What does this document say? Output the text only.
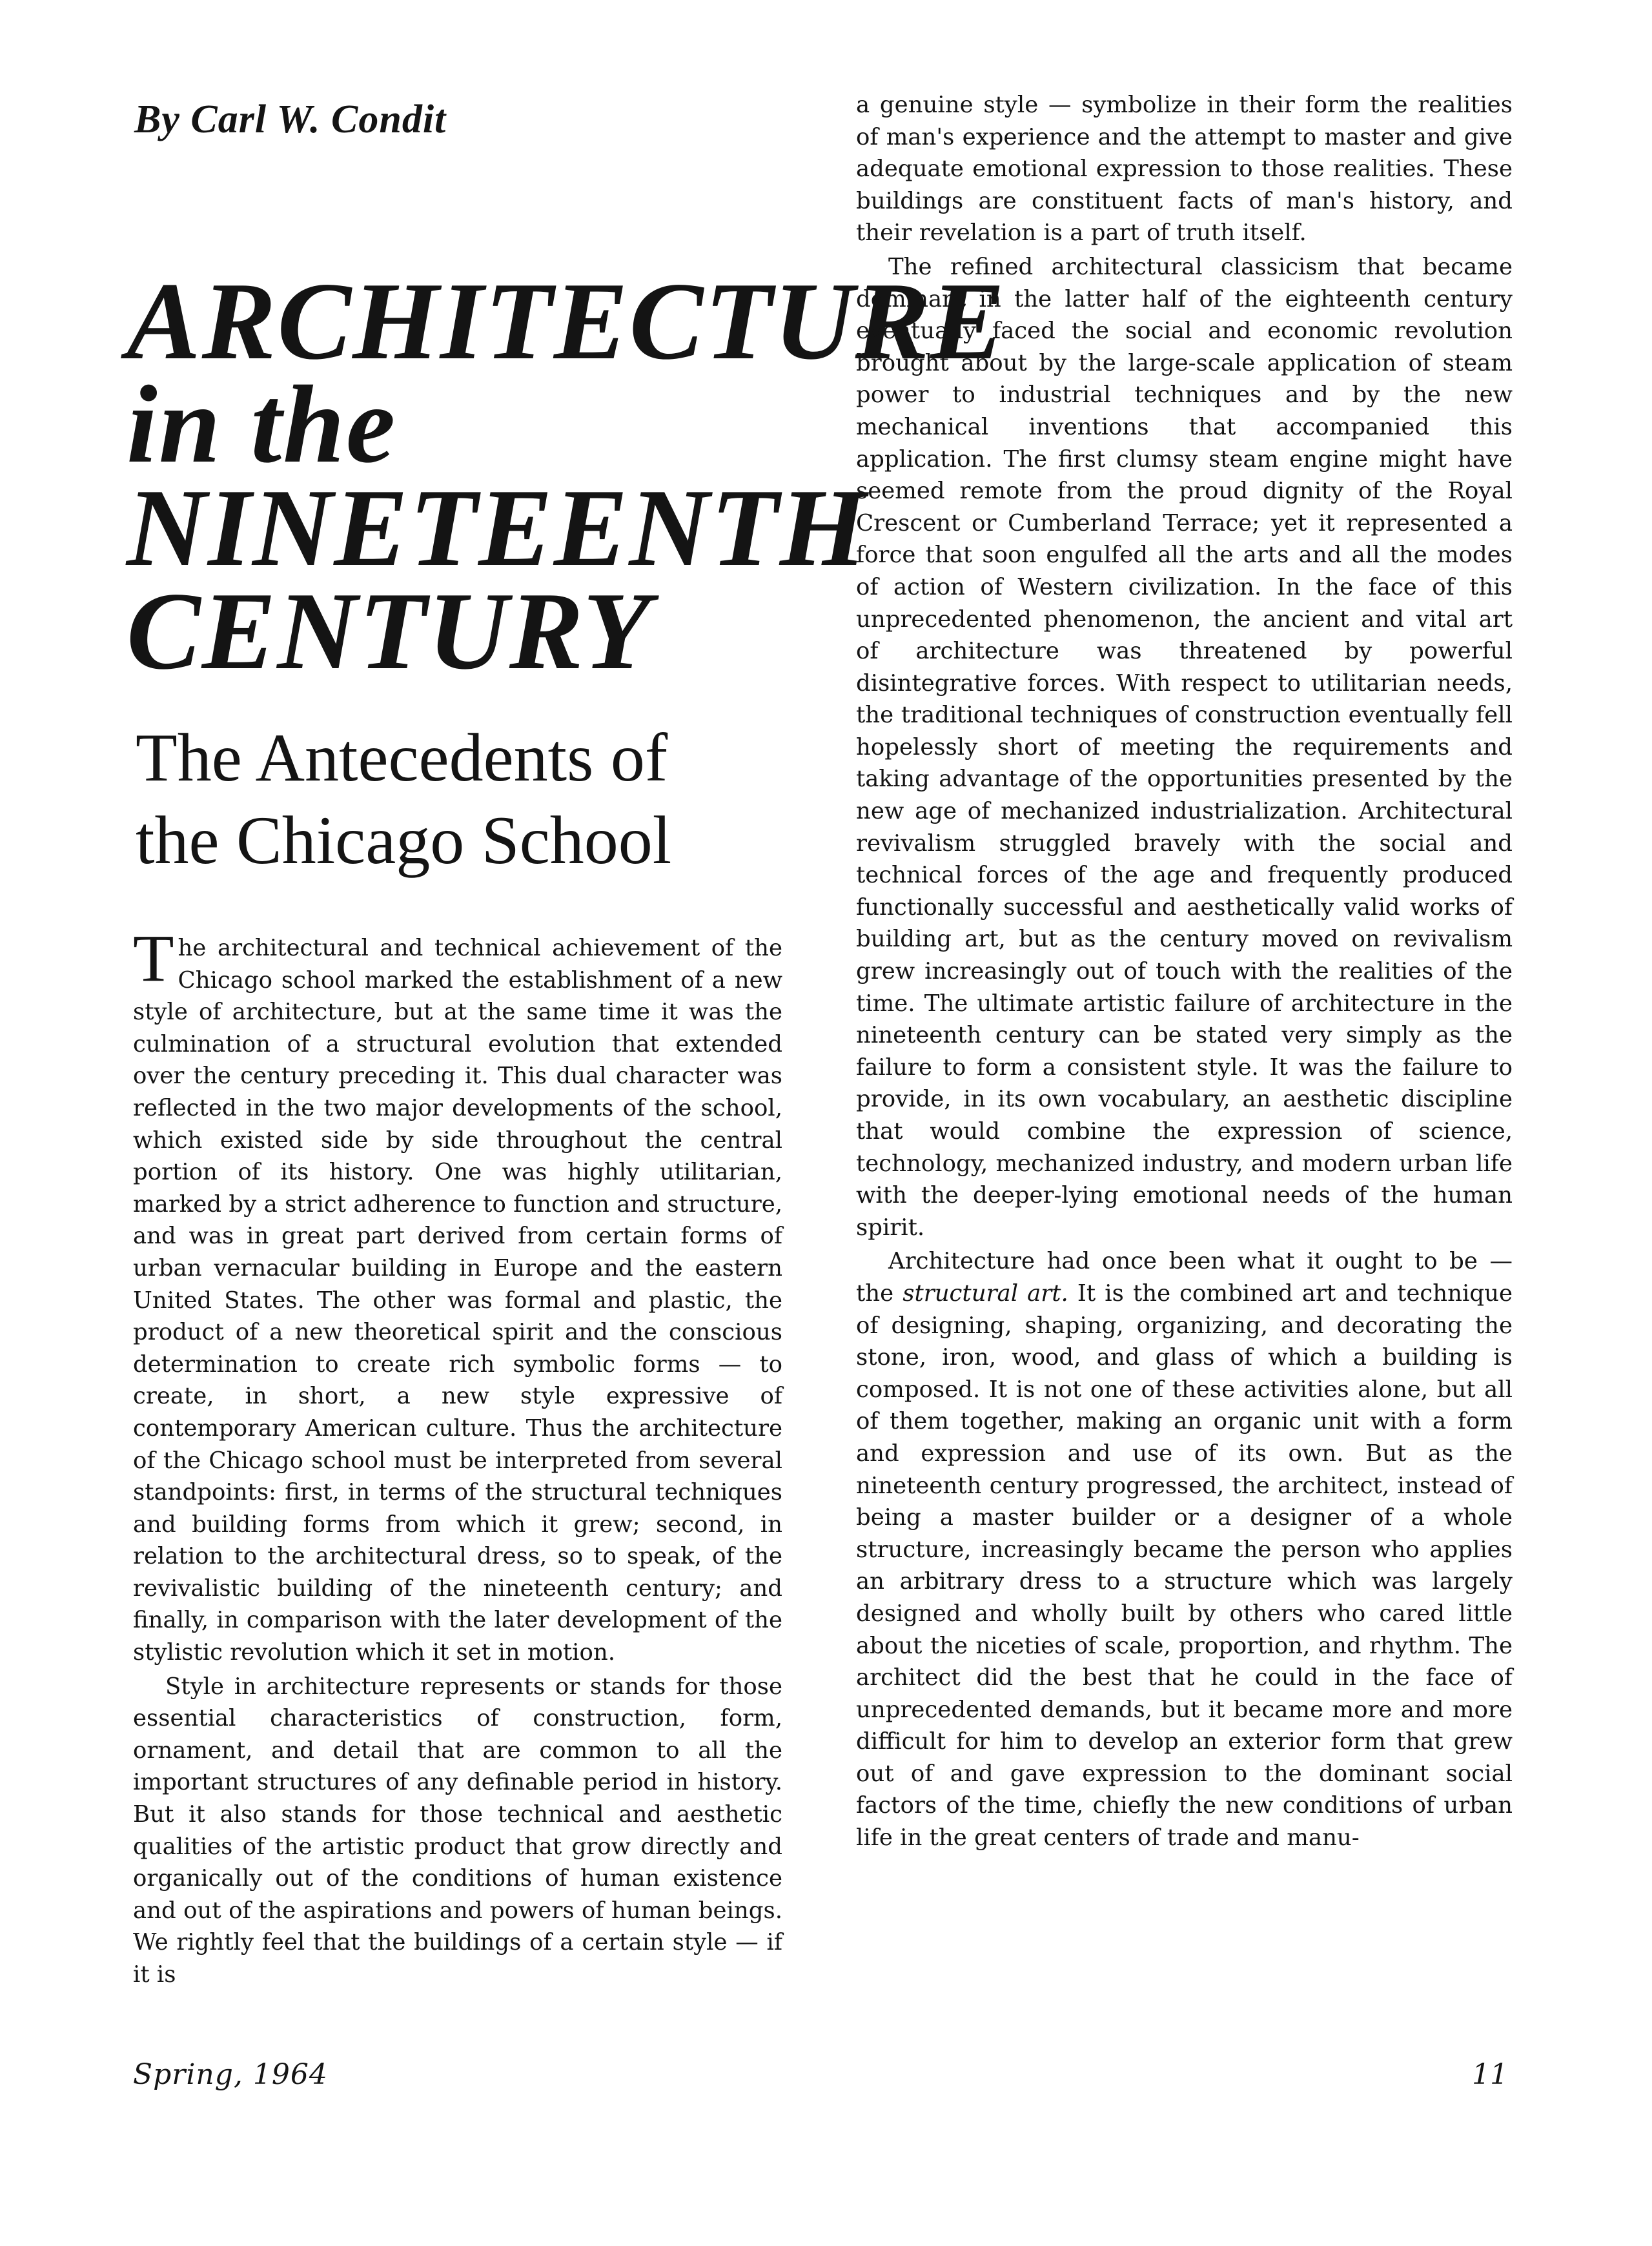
By Carl W. Condit
ARCHITECTURE
in the
NINETEENTH
CENTURY
The Antecedents of
the Chicago School

The architectural and technical achievement of the Chicago school marked the establishment of a new style of architecture, but at the same time it was the culmination of a structural evolution that extended over the century preceding it. This dual character was reflected in the two major developments of the school, which existed side by side throughout the central portion of its history. One was highly utilitarian, marked by a strict adherence to function and structure, and was in great part derived from certain forms of urban vernacular building in Europe and the eastern United States. The other was formal and plastic, the product of a new theoretical spirit and the conscious determination to create rich symbolic forms — to create, in short, a new style expressive of contemporary American culture. Thus the architecture of the Chicago school must be interpreted from several standpoints: first, in terms of the structural techniques and building forms from which it grew; second, in relation to the architectural dress, so to speak, of the revivalistic building of the nineteenth century; and finally, in comparison with the later development of the stylistic revolution which it set in motion.

Style in architecture represents or stands for those essential characteristics of construction, form, ornament, and detail that are common to all the important structures of any definable period in history. But it also stands for those technical and aesthetic qualities of the artistic product that grow directly and organically out of the conditions of human existence and out of the aspirations and powers of human beings. We rightly feel that the buildings of a certain style — if it is

a genuine style — symbolize in their form the realities of man's experience and the attempt to master and give adequate emotional expression to those realities. These buildings are constituent facts of man's history, and their revelation is a part of truth itself.

The refined architectural classicism that became dominant in the latter half of the eighteenth century eventually faced the social and economic revolution brought about by the large-scale application of steam power to industrial techniques and by the new mechanical inventions that accompanied this application. The first clumsy steam engine might have seemed remote from the proud dignity of the Royal Crescent or Cumberland Terrace; yet it represented a force that soon engulfed all the arts and all the modes of action of Western civilization. In the face of this unprecedented phenomenon, the ancient and vital art of architecture was threatened by powerful disintegrative forces. With respect to utilitarian needs, the traditional techniques of construction eventually fell hopelessly short of meeting the requirements and taking advantage of the opportunities presented by the new age of mechanized industrialization. Architectural revivalism struggled bravely with the social and technical forces of the age and frequently produced functionally successful and aesthetically valid works of building art, but as the century moved on revivalism grew increasingly out of touch with the realities of the time. The ultimate artistic failure of architecture in the nineteenth century can be stated very simply as the failure to form a consistent style. It was the failure to provide, in its own vocabulary, an aesthetic discipline that would combine the expression of science, technology, mechanized industry, and modern urban life with the deeper-lying emotional needs of the human spirit.

Architecture had once been what it ought to be — the structural art. It is the combined art and technique of designing, shaping, organizing, and decorating the stone, iron, wood, and glass of which a building is composed. It is not one of these activities alone, but all of them together, making an organic unit with a form and expression and use of its own. But as the nineteenth century progressed, the architect, instead of being a master builder or a designer of a whole structure, increasingly became the person who applies an arbitrary dress to a structure which was largely designed and wholly built by others who cared little about the niceties of scale, proportion, and rhythm. The architect did the best that he could in the face of unprecedented demands, but it became more and more difficult for him to develop an exterior form that grew out of and gave expression to the dominant social factors of the time, chiefly the new conditions of urban life in the great centers of trade and manu-

Spring, 1964	11
